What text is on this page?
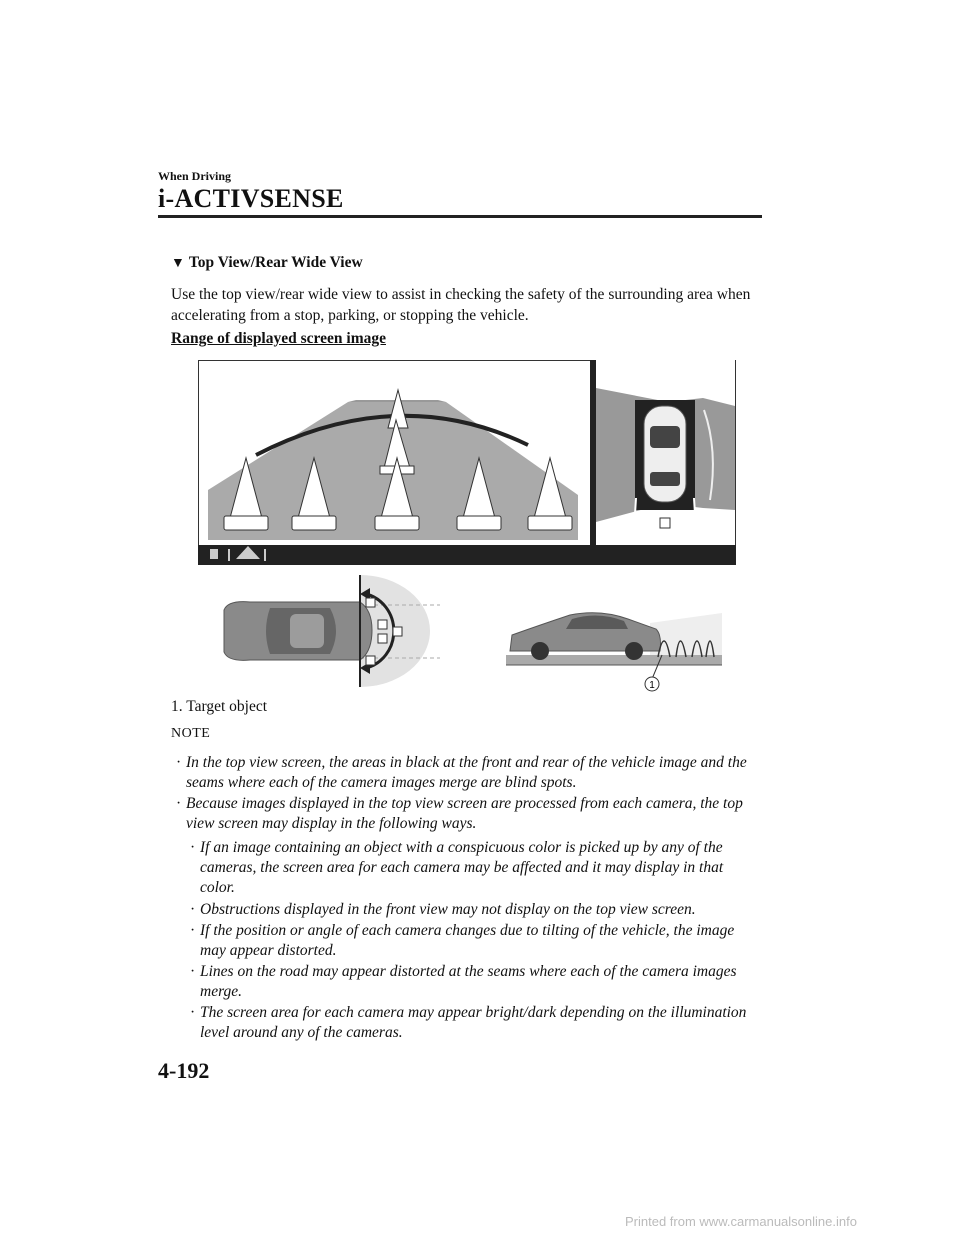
When Driving
i-ACTIVSENSE
▼ Top View/Rear Wide View
Use the top view/rear wide view to assist in checking the safety of the surrounding area when accelerating from a stop, parking, or stopping the vehicle.
Range of displayed screen image
1
1. Target object
NOTE
· In the top view screen, the areas in black at the front and rear of the vehicle image and the seams where each of the camera images merge are blind spots.
· Because images displayed in the top view screen are processed from each camera, the top view screen may display in the following ways.
· If an image containing an object with a conspicuous color is picked up by any of the cameras, the screen area for each camera may be affected and it may display in that color.
· Obstructions displayed in the front view may not display on the top view screen.
· If the position or angle of each camera changes due to tilting of the vehicle, the image may appear distorted.
· Lines on the road may appear distorted at the seams where each of the camera images merge.
· The screen area for each camera may appear bright/dark depending on the illumination level around any of the cameras.
4-192
Printed from www.carmanualsonline.info
